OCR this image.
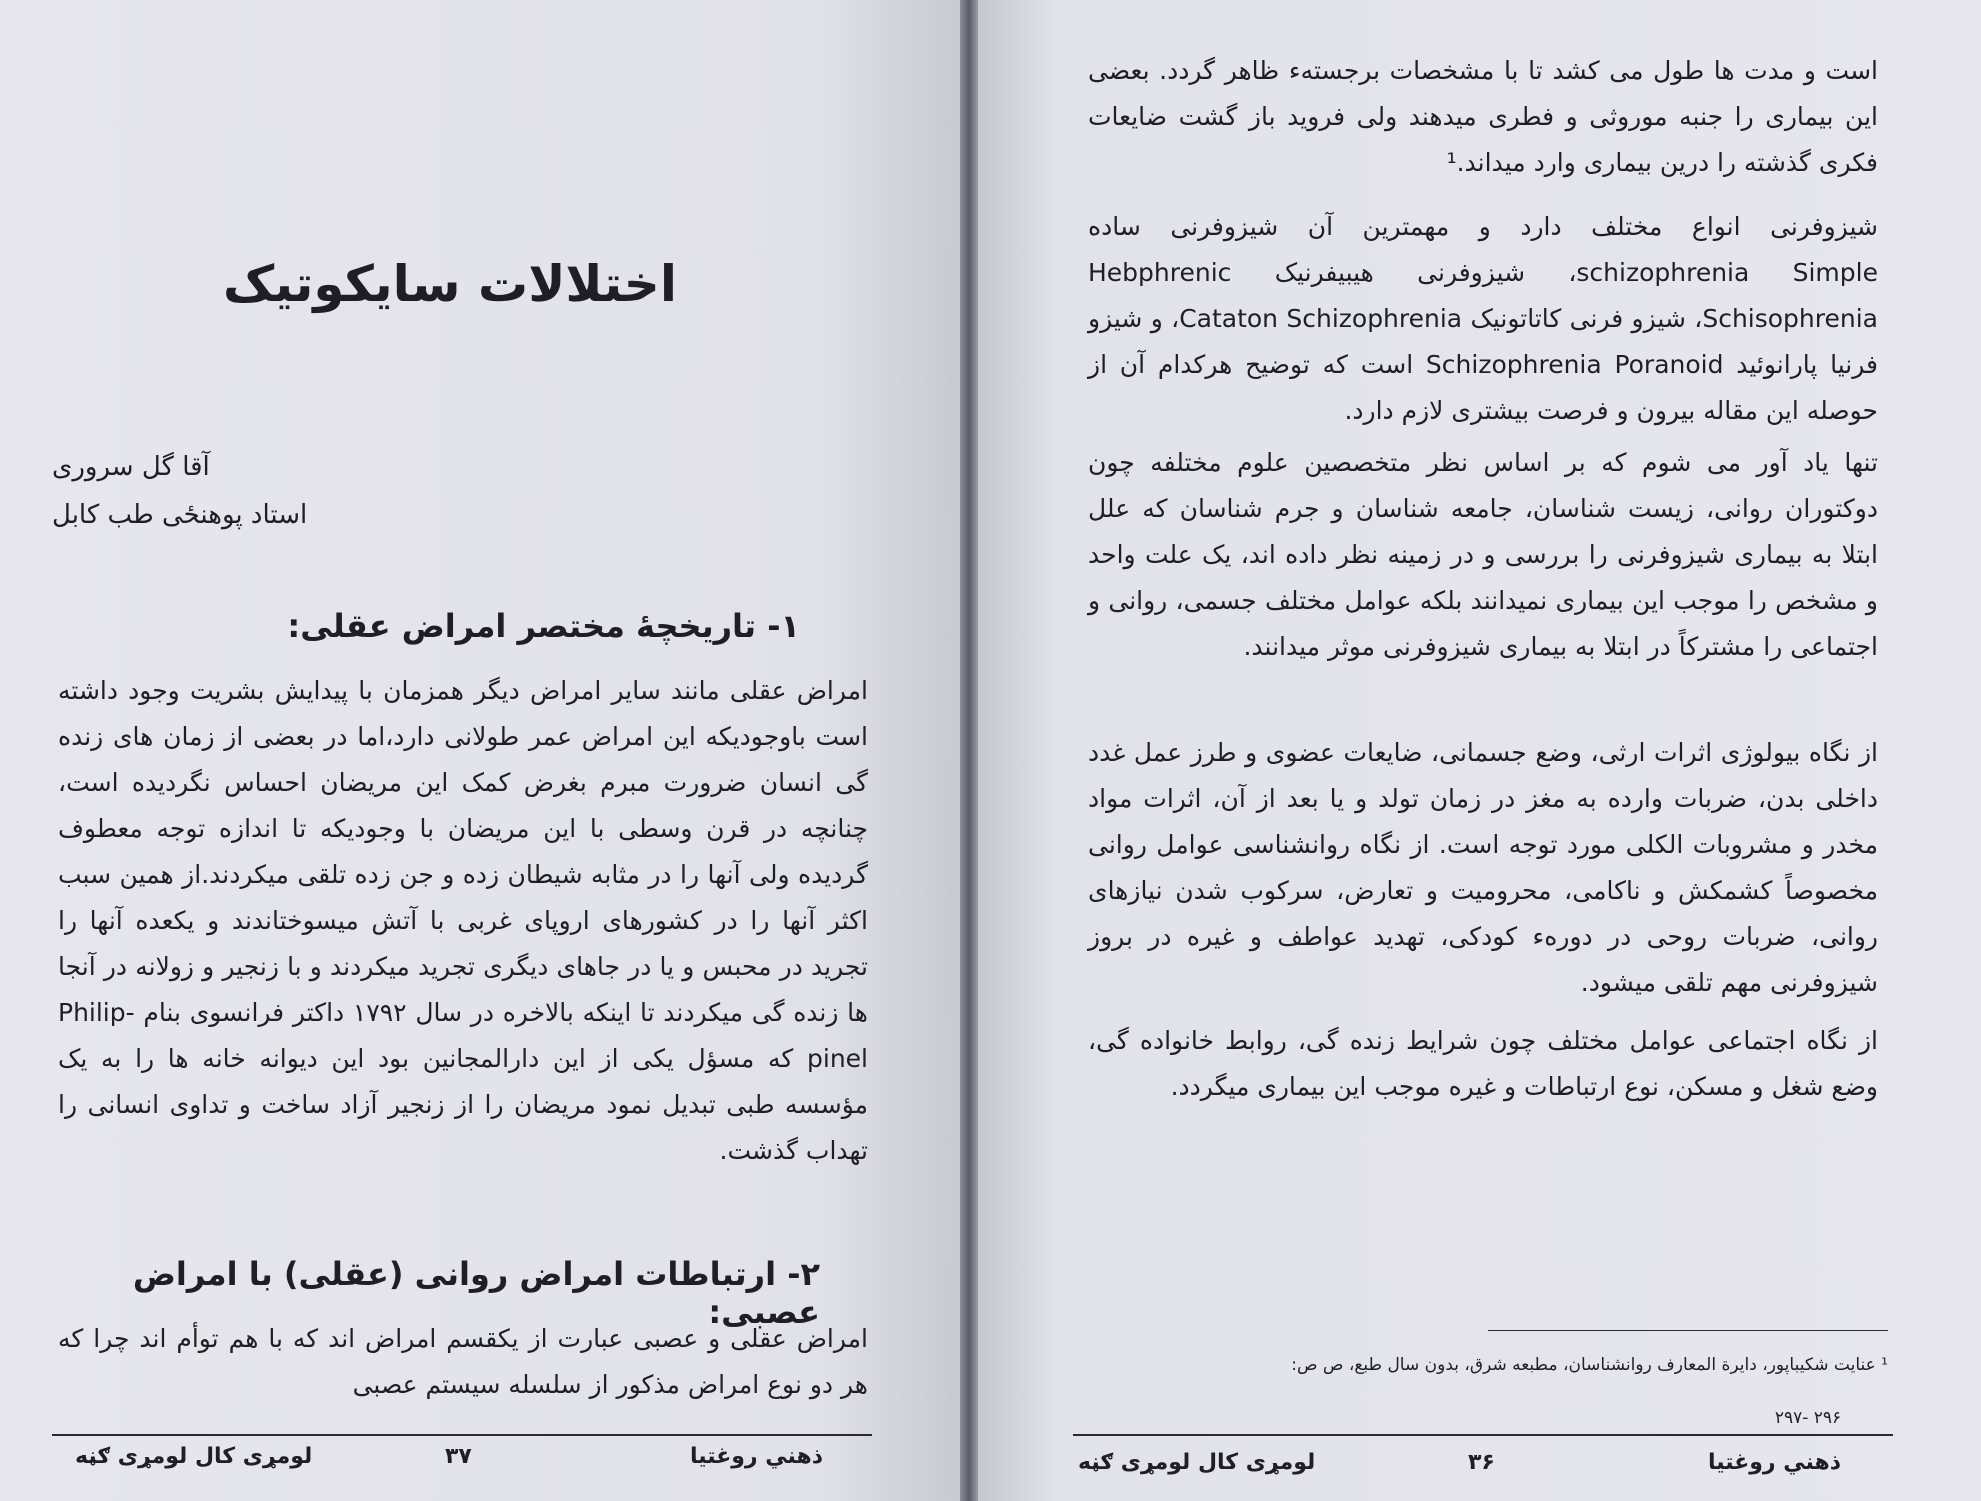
اختلالات سایکوتیک

آقا گل سروری

استاد پوهنځی طب کابل

۱- تاریخچهٔ مختصر امراض عقلی:

امراض عقلی مانند سایر امراض دیگر همزمان با پیدایش بشریت وجود داشته است باوجودیکه این امراض عمر طولانی دارد،اما در بعضی از زمان های زنده گی انسان ضرورت مبرم بغرض کمک این مریضان احساس نگردیده است، چنانچه در قرن وسطی با این مریضان با وجودیکه تا اندازه توجه معطوف گردیده ولی آنها را در مثابه شیطان زده و جن زده تلقی میکردند.از همین سبب اکثر آنها را در کشورهای اروپای غربی با آتش میسوختاندند و یکعده آنها را تجرید در محبس و یا در جاهای دیگری تجرید میکردند و با زنجیر و زولانه در آنجا ها زنده گی میکردند تا اینکه بالاخره در سال ۱۷۹۲ داکتر فرانسوی بنام Philip- pinel که مسؤل یکی از این دارالمجانین بود این دیوانه خانه ها را به یک مؤسسه طبی تبدیل نمود مریضان را از زنجیر آزاد ساخت و تداوی انسانی را تهداب گذشت.

۲- ارتباطات امراض روانی (عقلی) با امراض عصبی:

امراض عقلی و عصبی عبارت از یکقسم امراض اند که با هم توأم اند چرا که هر دو نوع امراض مذکور از سلسله سیستم عصبی

لومړی کال لومړی ګڼه	۳۷	ذهني روغتيا

است و مدت ها طول می کشد تا با مشخصات برجسته‌ء ظاهر گردد. بعضی این بیماری را جنبه موروثی و فطری میدهند ولی فروید باز گشت ضایعات فکری گذشته را درین بیماری وارد میداند.¹

شیزوفرنی انواع مختلف دارد و مهمترین آن شیزوفرنی ساده schizophrenia Simple، شیزوفرنی هیبیفرنیک Hebphrenic Schisophrenia، شیزو فرنی کاتاتونیک Cataton Schizophrenia، و شیزو فرنیا پارانوئید Schizophrenia Poranoid است که توضیح هرکدام آن از حوصله این مقاله بیرون و فرصت بیشتری لازم دارد.

تنها یاد آور می شوم که بر اساس نظر متخصصین علوم مختلفه چون دوکتوران روانی، زیست شناسان، جامعه شناسان و جرم شناسان که علل ابتلا به بیماری شیزوفرنی را بررسی و در زمینه نظر داده اند، یک علت واحد و مشخص را موجب این بیماری نمیدانند بلکه عوامل مختلف جسمی، روانی و اجتماعی را مشترکاً در ابتلا به بیماری شیزوفرنی موثر میدانند.

از نگاه بیولوژی اثرات ارثی، وضع جسمانی، ضایعات عضوی و طرز عمل غدد داخلی بدن، ضربات وارده به مغز در زمان تولد و یا بعد از آن، اثرات مواد مخدر و مشروبات الکلی مورد توجه است. از نگاه روانشناسی عوامل روانی مخصوصاً کشمکش و ناکامی، محرومیت و تعارض، سرکوب شدن نیازهای روانی، ضربات روحی در دوره‌ء کودکی، تهدید عواطف و غیره در بروز شیزوفرنی مهم تلقی میشود.

از نگاه اجتماعی عوامل مختلف چون شرایط زنده گی، روابط خانواده گی، وضع شغل و مسکن، نوع ارتباطات و غیره موجب این بیماری میگردد.

¹ عنایت شکیباپور، دایرة المعارف روانشناسان، مطبعه شرق، بدون سال طبع، ص ص:

۲۹۶ -۲۹۷

لومړی کال لومړی ګڼه	۳۶	ذهني روغتيا
